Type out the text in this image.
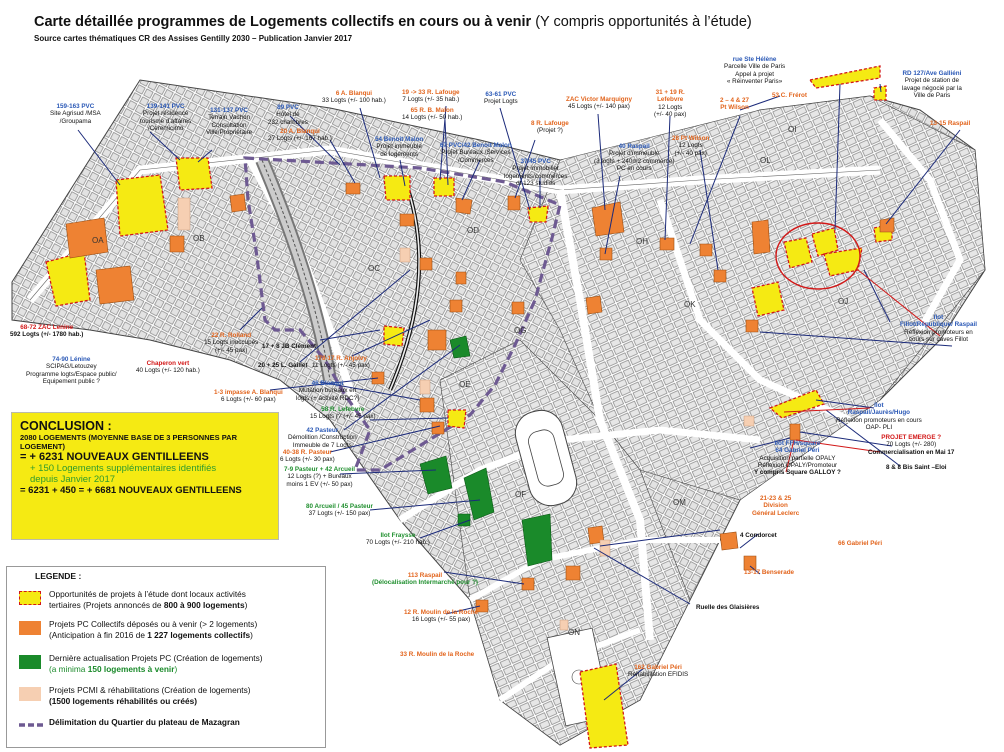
OA	OB
OC
OD
OE
OF
OG
OH
OI
OJ
OK
OL
OM
ON
Carte détaillée programmes de Logements collectifs en cours ou à venir (Y compris opportunités à l’étude)
Source cartes thématiques CR des Assises Gentilly 2030 – Publication Janvier 2017
159-163 PVC
Site Agrisud /MSA
/Groupama
139-141 PVC
Projet résidence
tourisme d’affaires
/Ceremicimo
131-137 PVC
Terrain Vachon
Consultation
Ville/Propriétaire
89 PVC
Hôtel de
232 chambres
20 A. Blanqui
27 Logts (+/- 167 hab.)
6 A. Blanqui
33 Logts (+/- 100 hab.)
54 Benoît Malon
Projet immeuble
de logements
19 -> 33 R. Lafouge
7 Logts (+/- 35 hab.)
65 R. B. Malon
14 Logts (+/- 50 hab.)
67 PVC/42 Benoit Malon
Projet Bureaux /Services
/Commerces
63-61 PVC
Projet Logts	ZAC Victor Marquigny
45 Logts (+/- 140 pax)
8 R. Lafouge
(Projet ?)
37/45 PVC
Projet immobilier
logements/commerces
dt 123 studios
40 Raspail
Projet d’immeuble
(3 logts + 240m2 commerce)
PC en cours
31 + 19 R.
Lefebvre
12 Logts
(+/- 40 pax)
2 – 4 & 27
Pt Wilson
28 Pt Wilson
12 Logts
(+/- 40 pax)
53 C. Frérot
rue Ste Hélène
Parcelle Ville de Paris
Appel à projet
« Réinventer Paris»
RD 127/Ave Galliéni
Projet de station de
lavage négocié par la
Ville de Paris
13-15 Raspail
68-72 ZAC Lenine
592 Logts (+/- 1780 hab.)
74-90 Lénine
SCIPAG/Letouzey
Programme logts/Espace public/
Equipement public ?
Chaperon vert
40 Logts (+/- 120 hab.)
22 R. Rolland
15 Logts inoccupés
(+/- 45 pax)
17 + 8 JB Clément
20 + 25 L. Gaillet
178-17 R. Anjolvy
11 Logts (+/- 45 pax)
1-3 impasse A. Blanqui
6 Logts (+/- 60 pax)
46 Blanqui
Mutation bureaux en
logts (+ activité RDC?)
58 R. Lefebvre
15 Logts (? (+/- 45 pax)
42 Pasteur
Démolition /Construction
Immeuble de 7 Logts
40-38 R. Pasteur
6 Logts (+/- 30 pax)
7-9 Pasteur + 42 Arcueil
12 Logts (?) + Bureaux
moins 1 EV (+/- 50 pax)
80 Arcueil / 45 Pasteur
37 Logts (+/- 150 pax)
Ilot Fraysse
70 Logts (+/- 210 hab.)
113 Raspail
(Délocalisation Intermarché pour ?)
12 R. Moulin de la Roche
16 Logts (+/- 55 pax)
33 R. Moulin de la Roche
Ilot
Fillot/République/ Raspail
Réflexion promoteurs en
cours sur caves Fillot
Ilot
Raspail/Jaurès/Hugo
Réflexion promoteurs en cours
OAP- PLI
PROJET EMERGE ?
70 Logts (+/- 280)
Commercialisation en Mai 17
Ilot FFH/square
64 Gabriel Péri
Acquisition partielle OPALY
Réflexion OPALY/Promoteur
Y compris Square GALLOY ?
8 & 8 Bis Saint –Eloi
21-23 & 25
Division
Général Leclerc
4 Condorcet
66 Gabriel Péri
13-17 Benserade
Ruelle des Glaisières
162 Gabriel Péri
Réhabilitation EFIDIS
CONCLUSION :
2080 LOGEMENTS (MOYENNE BASE DE 3 PERSONNES PAR
LOGEMENT)
= + 6231 NOUVEAUX GENTILLEENS
+ 150 Logements supplémentaires identifiés
depuis Janvier 2017
= 6231 + 450 = + 6681 NOUVEAUX GENTILLEENS
LEGENDE :
Opportunités de projets à l’étude dont locaux activités
tertiaires (Projets annoncés de 800 à 900 logements)
Projets PC Collectifs déposés ou à venir (> 2 logements)
(Anticipation à fin 2016 de 1 227 logements collectifs)
Dernière actualisation Projets PC (Création de logements)
(a minima 150 logements à venir)
Projets PCMI & réhabilitations (Création de logements)
(1500 logements réhabilités ou créés)
Délimitation du Quartier du plateau de Mazagran
